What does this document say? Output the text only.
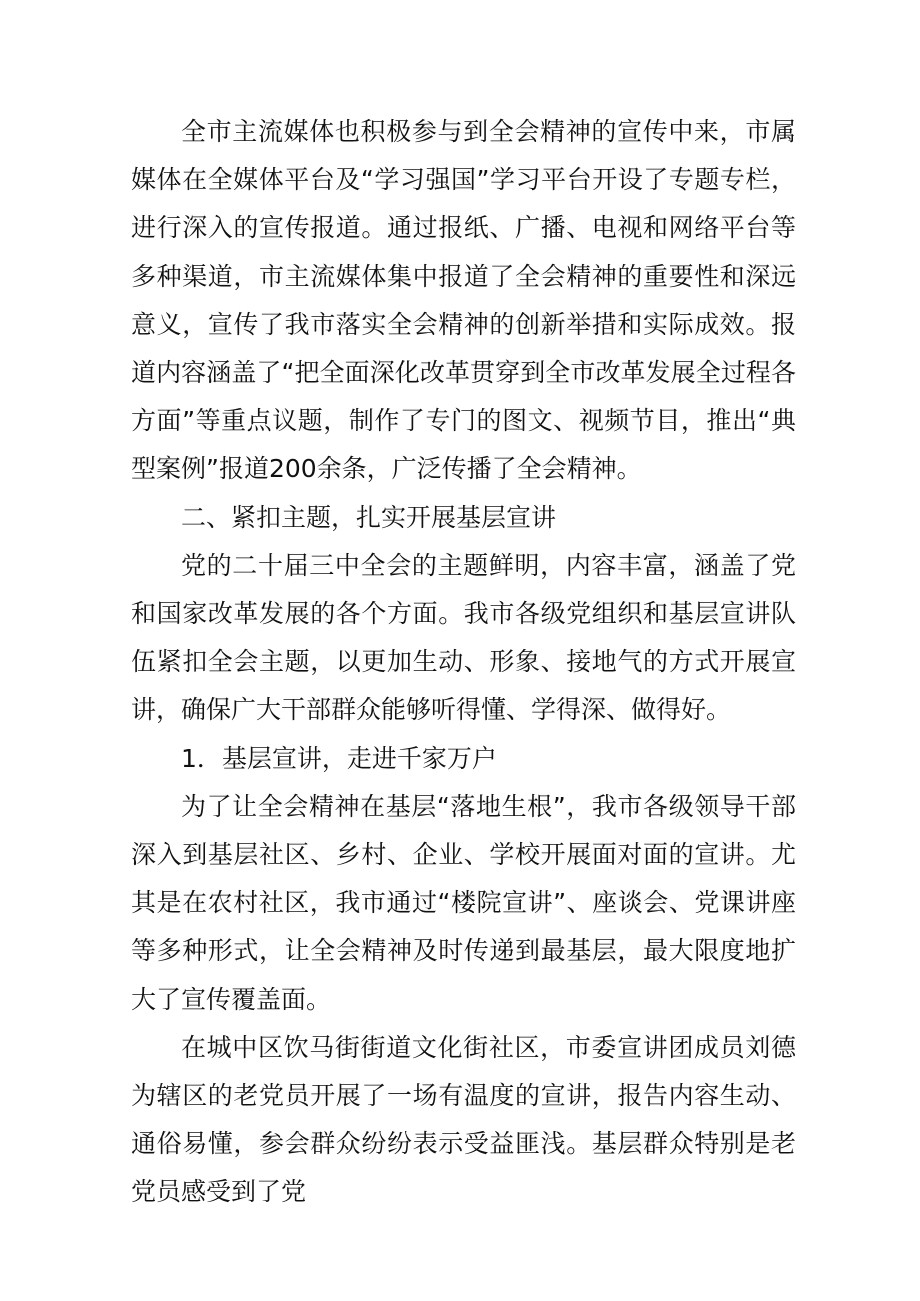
全市主流媒体也积极参与到全会精神的宣传中来，市属媒体在全媒体平台及“学习强国”学习平台开设了专题专栏，进行深入的宣传报道。通过报纸、广播、电视和网络平台等多种渠道，市主流媒体集中报道了全会精神的重要性和深远意义，宣传了我市落实全会精神的创新举措和实际成效。报道内容涵盖了“把全面深化改革贯穿到全市改革发展全过程各方面”等重点议题，制作了专门的图文、视频节目，推出“典型案例”报道200余条，广泛传播了全会精神。

二、紧扣主题，扎实开展基层宣讲

党的二十届三中全会的主题鲜明，内容丰富，涵盖了党和国家改革发展的各个方面。我市各级党组织和基层宣讲队伍紧扣全会主题，以更加生动、形象、接地气的方式开展宣讲，确保广大干部群众能够听得懂、学得深、做得好。

1．基层宣讲，走进千家万户

为了让全会精神在基层“落地生根”，我市各级领导干部深入到基层社区、乡村、企业、学校开展面对面的宣讲。尤其是在农村社区，我市通过“楼院宣讲”、座谈会、党课讲座等多种形式，让全会精神及时传递到最基层，最大限度地扩大了宣传覆盖面。

在城中区饮马街街道文化街社区，市委宣讲团成员刘德为辖区的老党员开展了一场有温度的宣讲，报告内容生动、通俗易懂，参会群众纷纷表示受益匪浅。基层群众特别是老党员感受到了党
